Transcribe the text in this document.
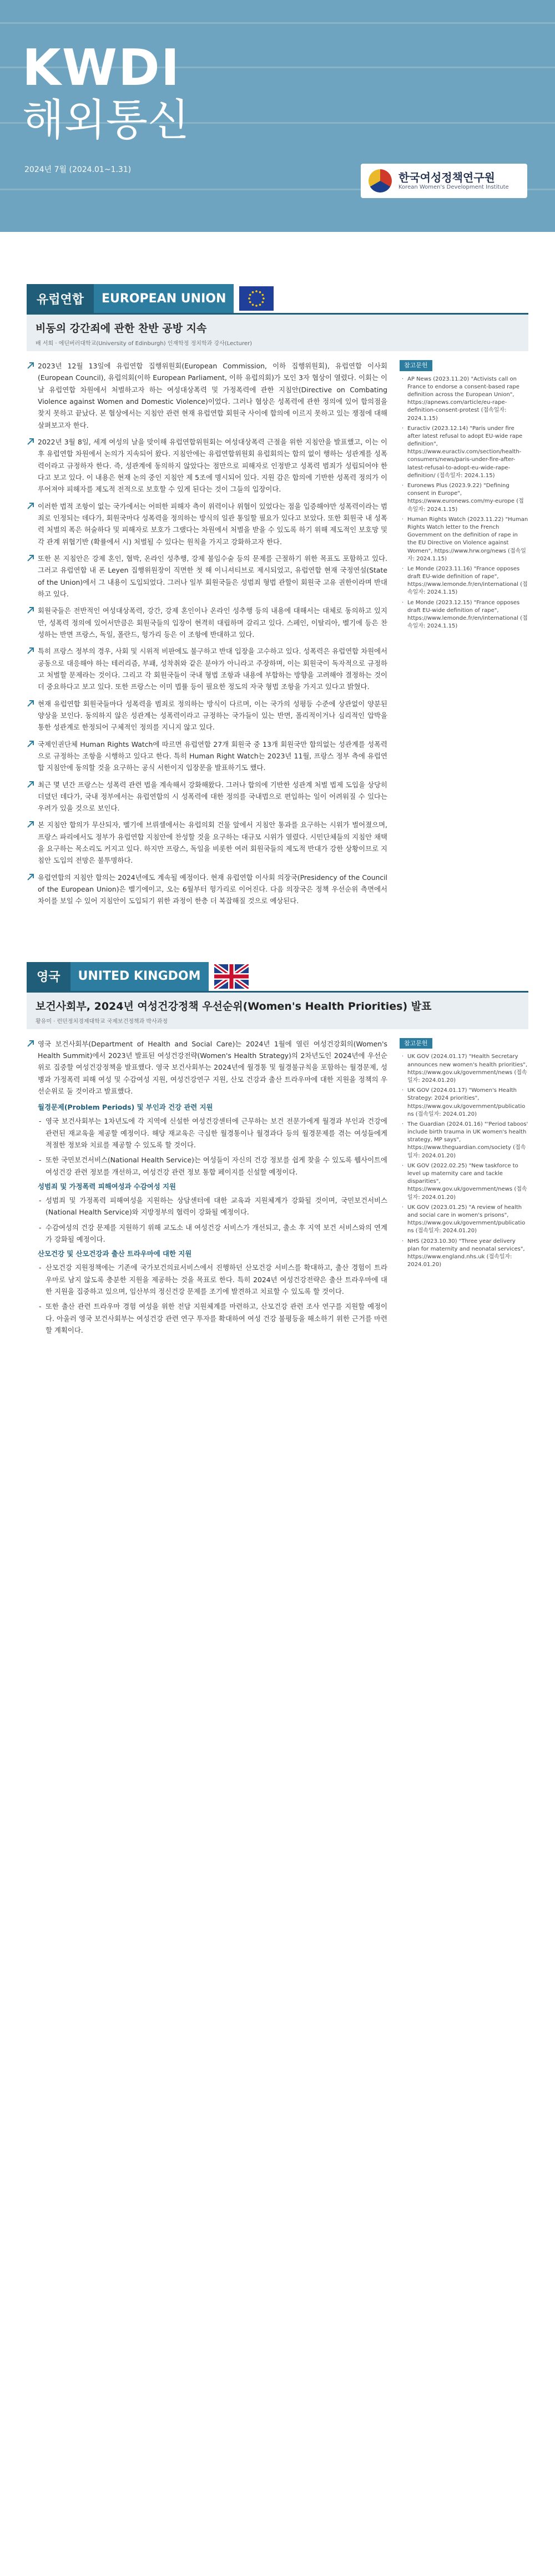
KWDI
해외통신
2024년 7월 (2024.01~1.31)
한국여성정책연구원
Korean Women's Development Institute
유럽연합	EUROPEAN UNION
비동의 강간죄에 관한 찬반 공방 지속
배 서희 · 에딘버러대학교(University of Edinburgh) 인재학정 정치학과 강사(Lecturer)
2023년 12월 13일에 유럽연합 집행위원회(European Commission, 이하 집행위원회), 유럽연합 이사회(European Council), 유럽의회(이하 European Parliament, 이하 유럽의회)가 모인 3자 협상이 열렸다. 이회는 이날 유럽연합 차원에서 처벌하고자 하는 여성대상폭력 및 가정폭력에 관한 지침안(Directive on Combating Violence against Women and Domestic Violence)이었다. 그러나 협상은 성폭력에 관한 정의에 있어 합의점을 찾지 못하고 끝났다. 본 협상에서는 지침안 관련 현재 유럽연합 회원국 사이에 합의에 이르지 못하고 있는 쟁점에 대해 살펴보고자 한다.
2022년 3월 8일, 세계 여성의 날을 맞이해 유럽연합위원회는 여성대상폭력 근절을 위한 지침안을 발표했고, 이는 이후 유럽연합 차원에서 논의가 지속되어 왔다. 지침안에는 유럽연합위원회 유럽회의는 합의 없이 행하는 성관계를 성폭력이라고 규정하자 한다. 즉, 성관계에 동의하지 않았다는 점만으로 피해자로 인정받고 성폭력 범죄가 성립되어야 한다고 보고 있다. 이 내용은 현재 논의 중인 지침안 제 5조에 명시되어 있다. 지원 감은 합의에 기반한 성폭력 정의가 이루어져야 피해자를 제도적 전적으로 보호할 수 있게 된다는 것이 그들의 입장이다.
이러한 법적 조항이 없는 국가에서는 어떠한 피해자 측이 위력이나 위협이 있었다는 점을 입증해야만 성폭력이라는 범죄로 인정되는 데다가, 회원국마다 성폭력을 정의하는 방식의 일관 통일할 필요가 있다고 보았다. 또한 회원국 내 성폭력 처벌의 폭은 허술하다 및 피해자로 보호가 그랬다는 차원에서 처벌을 받을 수 있도록 하기 위해 제도적인 보호망 및 각 관계 위협기반 (확률에서 시) 처벌될 수 있다는 원칙을 가지고 강화하고자 한다.
또한 본 지침안은 강제 혼인, 협박, 온라인 성추행, 강제 불임수술 등의 문제를 근절하기 위한 목표도 포함하고 있다. 그러고 유럽연합 내 폰 Leyen 집행위원장이 직면한 첫 해 이니셔티브로 제시되었고, 유럽연합 현재 국정연설(State of the Union)에서 그 내용이 도입되었다. 그러나 일부 회원국들은 성범죄 형법 관할이 회원국 고유 권한이라며 반대하고 있다.
회원국들은 전반적인 여성대상폭력, 강간, 강제 혼인이나 온라인 성추행 등의 내용에 대해서는 대체로 동의하고 있지만, 성폭력 정의에 있어서만큼은 회원국들의 입장이 현격히 대립하며 갈리고 있다. 스페인, 이탈리아, 벨기에 등은 찬성하는 반면 프랑스, 독일, 폴란드, 헝가리 등은 이 조항에 반대하고 있다.
특히 프랑스 정부의 경우, 사회 및 시위적 비판에도 불구하고 반대 입장을 고수하고 있다. 성폭력은 유럽연합 차원에서 공동으로 대응해야 하는 테러리즘, 부패, 성착취와 같은 분야가 아니라고 주장하며, 이는 회원국이 독자적으로 규정하고 처벌할 문제라는 것이다. 그리고 각 회원국들이 국내 형법 조항과 내용에 부합하는 방향을 고려해야 결정하는 것이 더 중요하다고 보고 있다. 또한 프랑스는 이미 법률 등이 필요한 정도의 자국 형법 조항을 가지고 있다고 밝혔다.
현재 유럽연합 회원국들마다 성폭력을 범죄로 정의하는 방식이 다르며, 이는 국가의 성평등 수준에 상관없이 양분된 양상을 보인다. 동의하지 않은 성관계는 성폭력이라고 규정하는 국가들이 있는 반면, 폴리적이거나 심리적인 압박을 통한 성관계로 한정되어 구체적인 정의를 지니지 않고 있다.
국제인권단체 Human Rights Watch에 따르면 유럽연합 27개 회원국 중 13개 회원국만 합의없는 성관계를 성폭력으로 규정하는 조항을 시행하고 있다고 한다. 특히 Human Right Watch는 2023년 11월, 프랑스 정부 측에 유럽연합 지침안에 동의할 것을 요구하는 공식 서한이지 입장문을 발표하기도 했다.
최근 몇 년간 프랑스는 성폭력 관련 법을 계속해서 강화해왔다. 그러나 합의에 기반한 성관계 처벌 법제 도입을 상당히 더뎠던 데다가, 국내 정부에서는 유럽연합의 시 성폭력에 대한 정의를 국내법으로 편입하는 일이 어려워질 수 있다는 우려가 있을 것으로 보인다.
본 지침안 합의가 무산되자, 벨기에 브뤼셀에서는 유럽의회 건물 앞에서 지침안 통과를 요구하는 시위가 벌어졌으며, 프랑스 파리에서도 정부가 유럽연합 지침안에 찬성할 것을 요구하는 대규모 시위가 열렸다. 시민단체들의 지침안 채택을 요구하는 목소리도 커지고 있다. 하지만 프랑스, 독일을 비롯한 여러 회원국들의 제도적 반대가 강한 상황이므로 지침안 도입의 전망은 불투명하다.
유럽연합의 지침안 합의는 2024년에도 계속될 예정이다. 현재 유럽연합 이사회 의장국(Presidency of the Council of the European Union)은 벨기에이고, 오는 6월부터 헝가리로 이어진다. 다음 의장국은 정책 우선순위 측면에서 차이를 보일 수 있어 지침안이 도입되기 위한 과정이 한층 더 복잡해질 것으로 예상된다.
참고문헌
· AP News (2023.11.20) "Activists call on France to endorse a consent-based rape definition across the European Union", https://apnews.com/article/eu-rape-definition-consent-protest (접속일자: 2024.1.15)
· Euractiv (2023.12.14) "Paris under fire after latest refusal to adopt EU-wide rape definition", https://www.euractiv.com/section/health-consumers/news/paris-under-fire-after-latest-refusal-to-adopt-eu-wide-rape-definition/ (접속일자: 2024.1.15)
· Euronews Plus (2023.9.22) "Defining consent in Europe", https://www.euronews.com/my-europe (접속일자: 2024.1.15)
· Human Rights Watch (2023.11.22) "Human Rights Watch letter to the French Government on the definition of rape in the EU Directive on Violence against Women", https://www.hrw.org/news (접속일자: 2024.1.15)
· Le Monde (2023.11.16) "France opposes draft EU-wide definition of rape", https://www.lemonde.fr/en/international (접속일자: 2024.1.15)
· Le Monde (2023.12.15) "France opposes draft EU-wide definition of rape", https://www.lemonde.fr/en/international (접속일자: 2024.1.15)
영국	UNITED KINGDOM
보건사회부, 2024년 여성건강정책 우선순위(Women's Health Priorities) 발표
황유미 · 런던정치경제대학교 국제보건정책과 박사과정
영국 보건사회부(Department of Health and Social Care)는 2024년 1월에 열린 여성건강회의(Women's Health Summit)에서 2023년 발표된 여성건강전략(Women's Health Strategy)의 2차년도인 2024년에 우선순위로 집중할 여성건강정책을 발표했다. 영국 보건사회부는 2024년에 월경통 및 월경불규칙을 포함하는 월경문제, 성병과 가정폭력 피해 여성 및 수감여성 지원, 여성건강연구 지원, 산모 건강과 출산 트라우마에 대한 지원을 정책의 우선순위로 둘 것이라고 발표했다.
월경문제(Problem Periods) 및 부인과 건강 관련 지원
- 영국 보건사회부는 1차년도에 각 지역에 신설한 여성건강센터에 근무하는 보건 전문가에게 월경과 부인과 건강에 관련된 재교육을 제공할 예정이다. 해당 재교육은 극심한 월경통이나 월경과다 등의 월경문제를 겪는 여성들에게 적절한 정보와 치료를 제공할 수 있도록 할 것이다.
- 또한 국민보건서비스(National Health Service)는 여성들이 자신의 건강 정보를 쉽게 찾을 수 있도록 웹사이트에 여성건강 관련 정보를 개선하고, 여성건강 관련 정보 통합 페이지를 신설할 예정이다.
성범죄 및 가정폭력 피해여성과 수감여성 지원
- 성범죄 및 가정폭력 피해여성을 지원하는 상담센터에 대한 교육과 지원체계가 강화될 것이며, 국민보건서비스(National Health Service)와 지방정부의 협력이 강화될 예정이다.
- 수감여성의 건강 문제를 지원하기 위해 교도소 내 여성건강 서비스가 개선되고, 출소 후 지역 보건 서비스와의 연계가 강화될 예정이다.
산모건강 및 산모건강과 출산 트라우마에 대한 지원
- 산모건강 지원정책에는 기존에 국가보건의료서비스에서 진행하던 산모건강 서비스를 확대하고, 출산 경험이 트라우마로 남지 않도록 충분한 지원을 제공하는 것을 목표로 한다. 특히 2024년 여성건강전략은 출산 트라우마에 대한 지원을 집중하고 있으며, 임산부의 정신건강 문제를 조기에 발견하고 치료할 수 있도록 할 것이다.
- 또한 출산 관련 트라우마 경험 여성을 위한 전담 지원체계를 마련하고, 산모건강 관련 조사 연구를 지원할 예정이다. 아울러 영국 보건사회부는 여성건강 관련 연구 투자를 확대하여 여성 건강 불평등을 해소하기 위한 근거를 마련할 계획이다.
참고문헌
· UK GOV (2024.01.17) "Health Secretary announces new women's health priorities", https://www.gov.uk/government/news (접속일자: 2024.01.20)
· UK GOV (2024.01.17) "Women's Health Strategy: 2024 priorities", https://www.gov.uk/government/publications (접속일자: 2024.01.20)
· The Guardian (2024.01.16) "'Period taboos' include birth trauma in UK women's health strategy, MP says", https://www.theguardian.com/society (접속일자: 2024.01.20)
· UK GOV (2022.02.25) "New taskforce to level up maternity care and tackle disparities", https://www.gov.uk/government/news (접속일자: 2024.01.20)
· UK GOV (2023.01.25) "A review of health and social care in women's prisons", https://www.gov.uk/government/publications (접속일자: 2024.01.20)
· NHS (2023.10.30) "Three year delivery plan for maternity and neonatal services", https://www.england.nhs.uk (접속일자: 2024.01.20)
